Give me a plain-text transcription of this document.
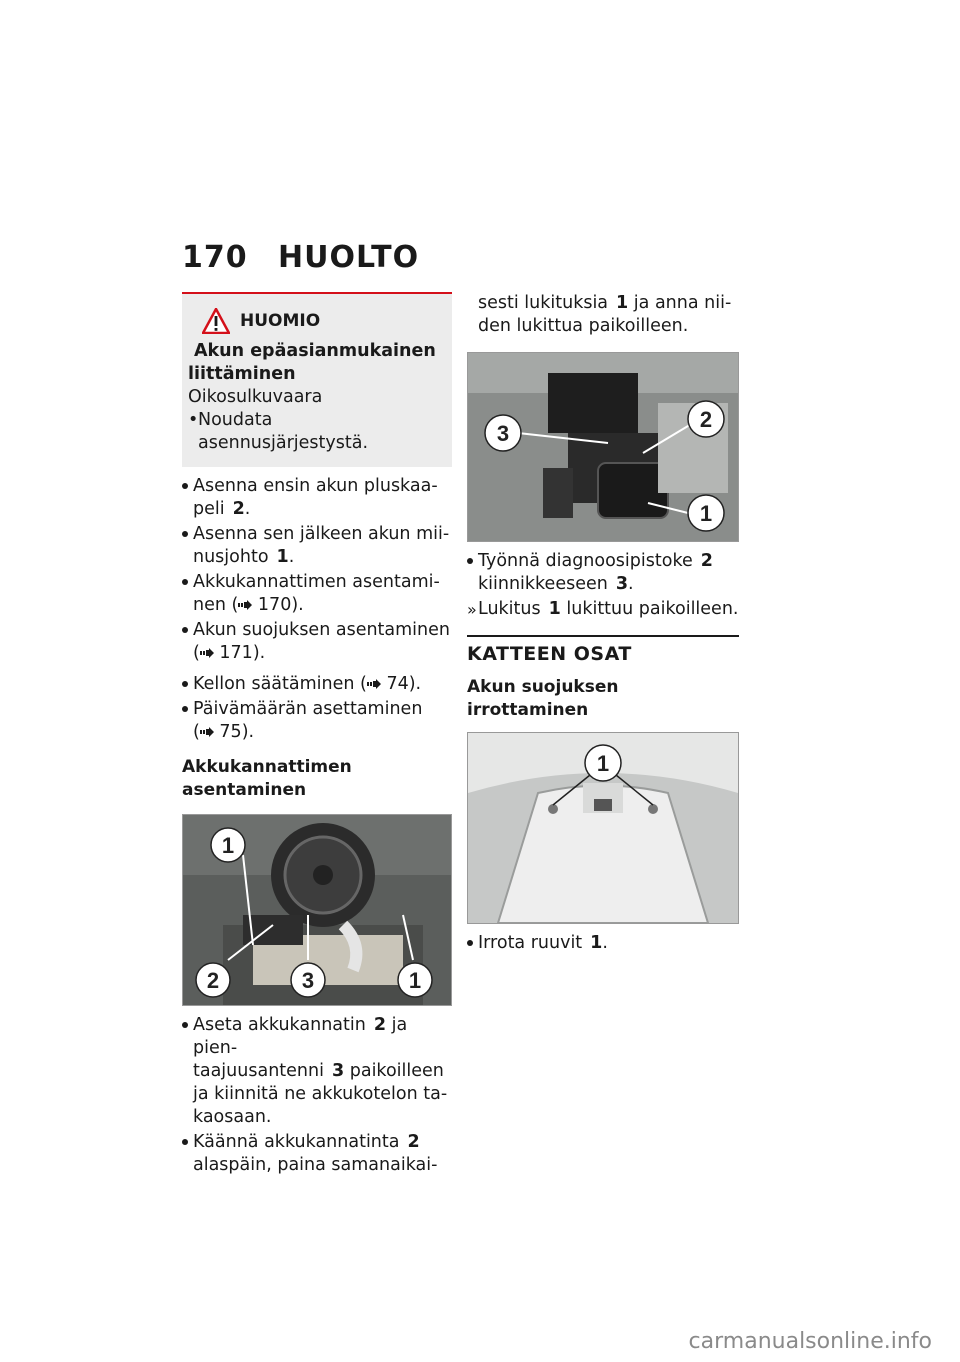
170 HUOLTO
HUOMIO
Akun epäasianmukainen
liittäminen
Oikosulkuvaara
• Noudata asennusjärjestystä.
Asenna ensin akun pluskaa-
peli 2.
Asenna sen jälkeen akun mii-
nusjohto 1.
Akkukannattimen asentami-
nen ( 170).
Akun suojuksen asentaminen
( 171).
Kellon säätäminen ( 74).
Päivämäärän asettaminen
( 75).
Akkukannattimen
asentaminen
1
2	3	1
Aseta akkukannatin 2 ja pien-
taajuusantenni 3 paikoilleen
ja kiinnitä ne akkukotelon ta-
kaosaan.
Käännä akkukannatinta 2
alaspäin, paina samanaikai-
sesti lukituksia 1 ja anna nii-
den lukittua paikoilleen.
3
2
1
Työnnä diagnoosipistoke 2
kiinnikkeeseen 3.
» Lukitus 1 lukittuu paikoilleen.
KATTEEN OSAT
Akun suojuksen irrottaminen
1
Irrota ruuvit 1.
carmanualsonline.info
